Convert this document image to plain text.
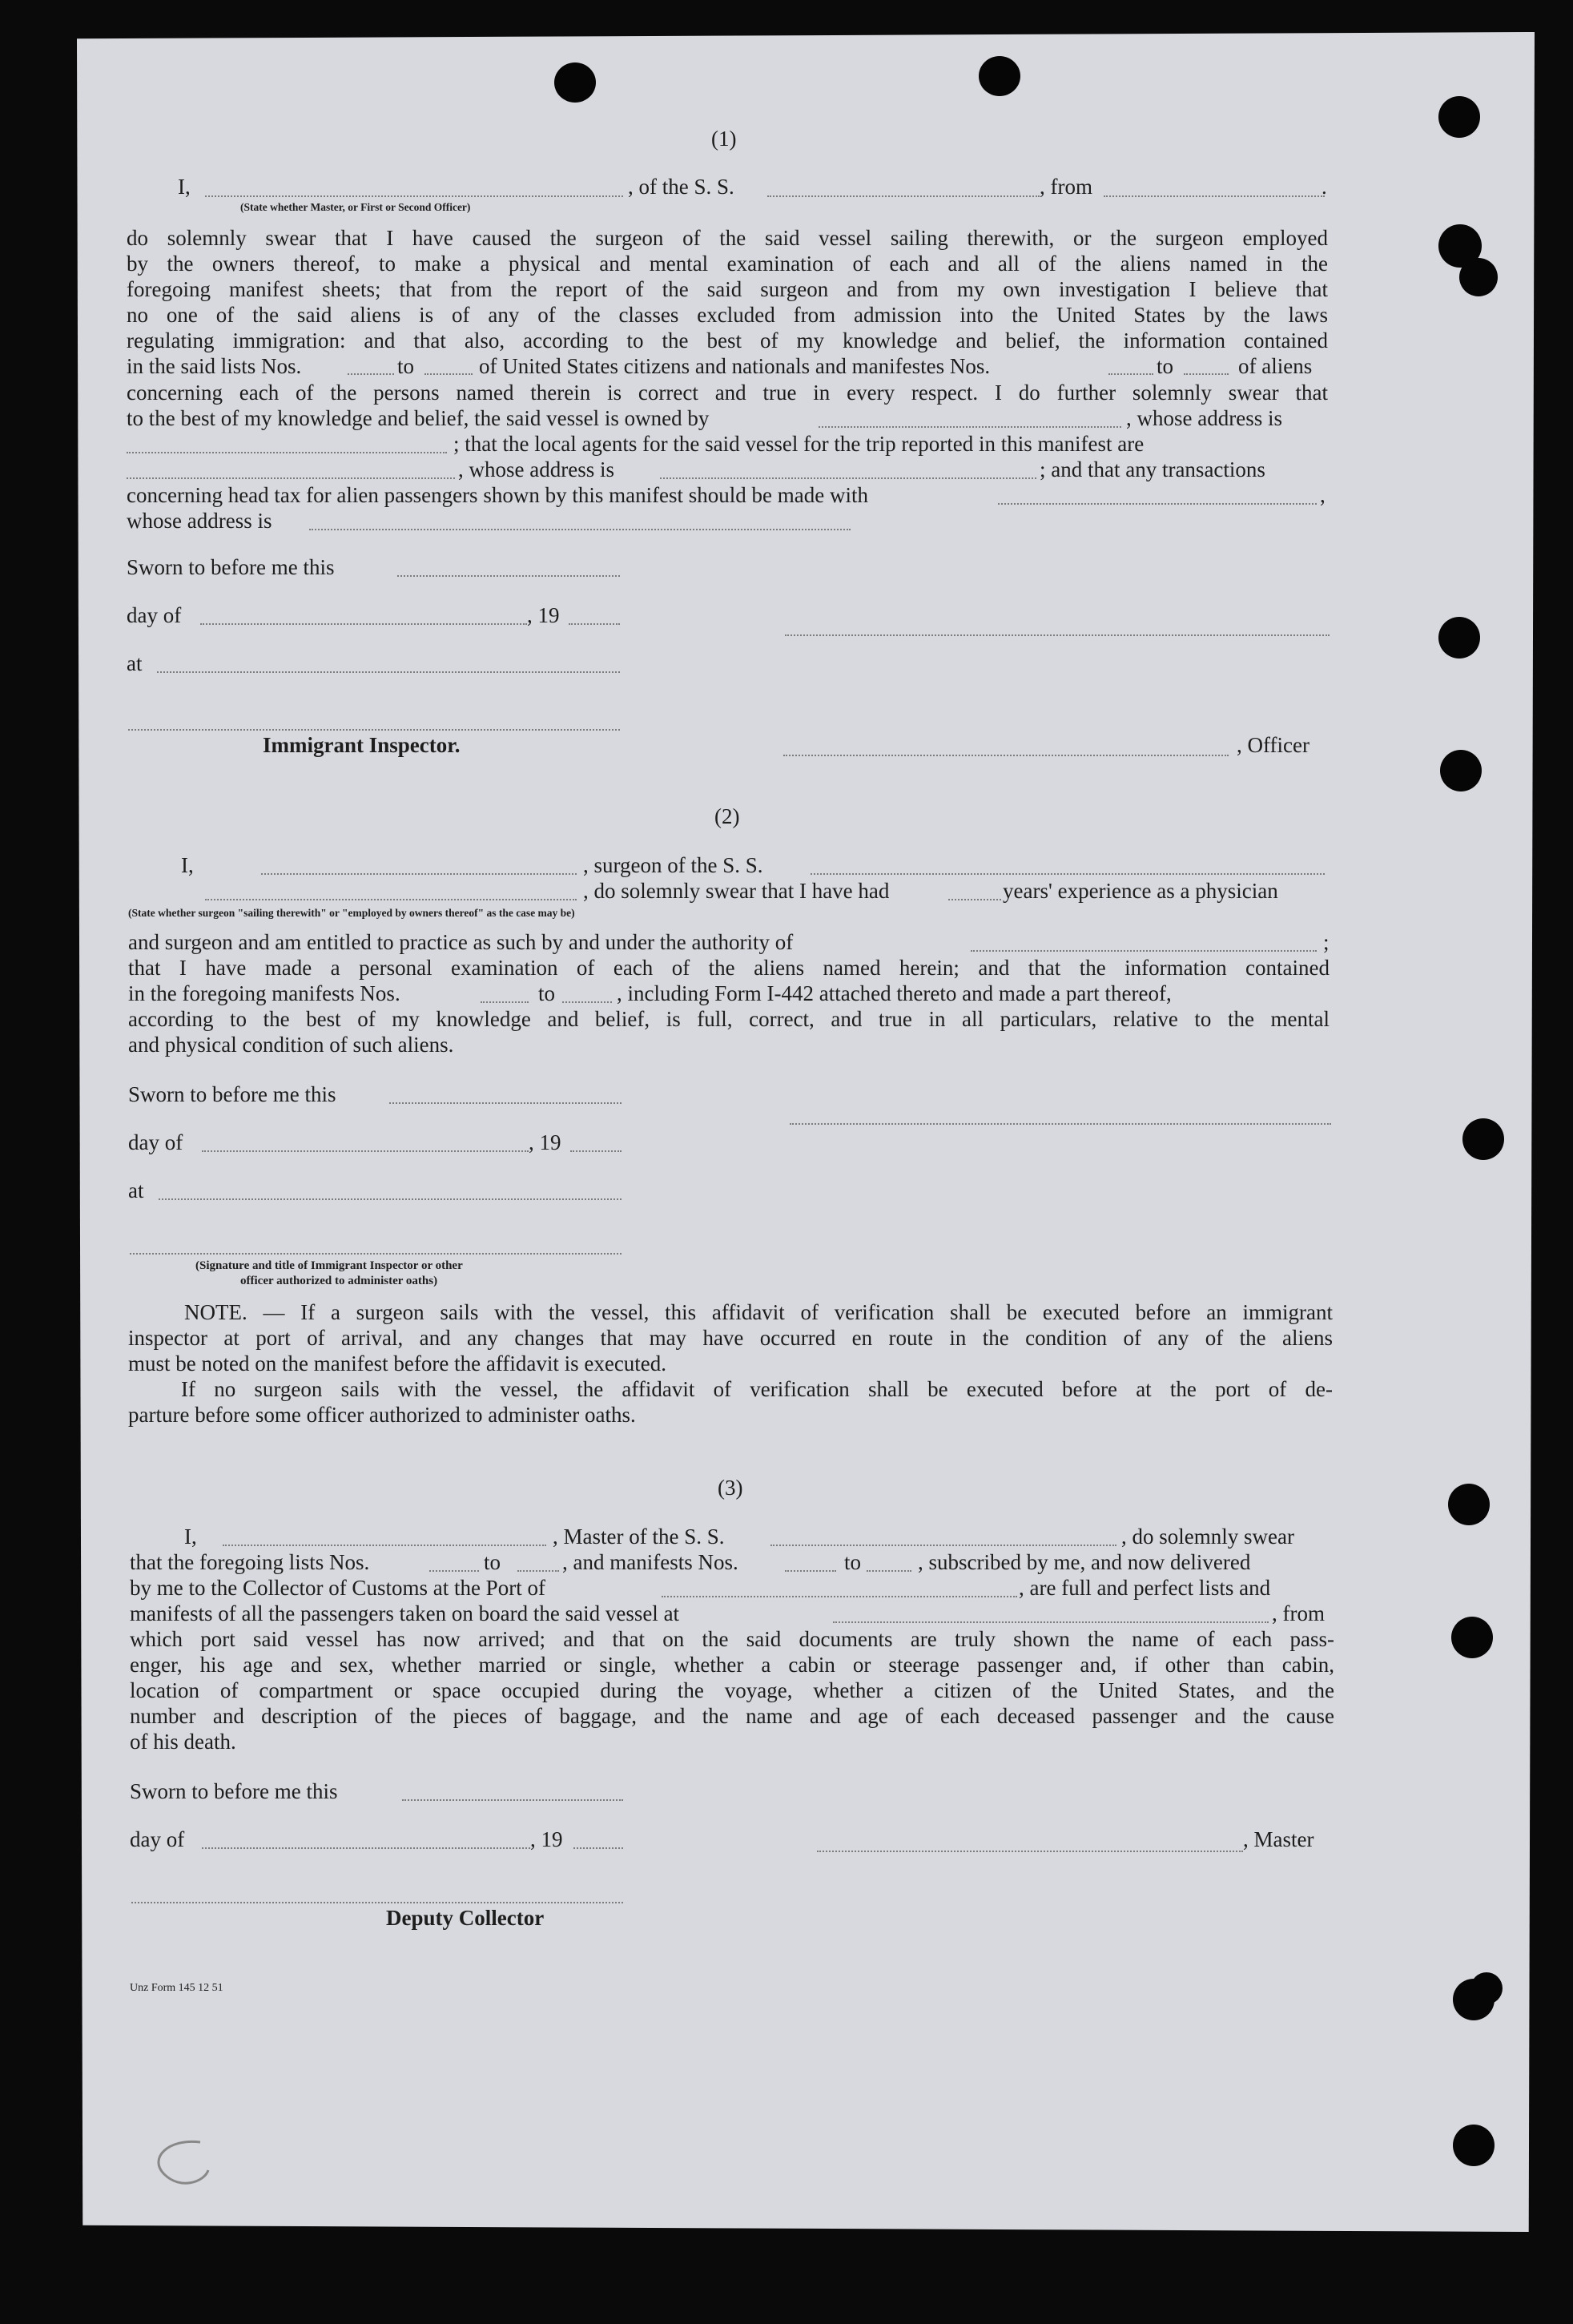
(1)
I,
(State whether Master, or First or Second Officer)
, of the S. S.	, from	.
do solemnly swear that I have caused the surgeon of the said vessel sailing therewith, or the surgeon employed
by the owners thereof, to make a physical and mental examination of each and all of the aliens named in the
foregoing manifest sheets; that from the report of the said surgeon and from my own investigation I believe that
no one of the said aliens is of any of the classes excluded from admission into the United States by the laws
regulating immigration: and that also, according to the best of my knowledge and belief, the information contained
in the said lists Nos.	to	of United States citizens and nationals and manifestes Nos.	to	of aliens
concerning each of the persons named therein is correct and true in every respect. I do further solemnly swear that
to the best of my knowledge and belief, the said vessel is owned by	, whose address is
; that the local agents for the said vessel for the trip reported in this manifest are
, whose address is	; and that any transactions
concerning head tax for alien passengers shown by this manifest should be made with	,
whose address is
Sworn to before me this
day of	, 19
at
Immigrant Inspector.	, Officer
(2)
I,	, surgeon of the S. S.
, do solemnly swear that I have had	years' experience as a physician
(State whether surgeon "sailing therewith" or "employed by owners thereof" as the case may be)
and surgeon and am entitled to practice as such by and under the authority of	;
that I have made a personal examination of each of the aliens named herein; and that the information contained
in the foregoing manifests Nos.	to	, including Form I-442 attached thereto and made a part thereof,
according to the best of my knowledge and belief, is full, correct, and true in all particulars, relative to the mental
and physical condition of such aliens.
Sworn to before me this
day of	, 19
at
(Signature and title of Immigrant Inspector or other
officer authorized to administer oaths)
NOTE. — If a surgeon sails with the vessel, this affidavit of verification shall be executed before an immigrant
inspector at port of arrival, and any changes that may have occurred en route in the condition of any of the aliens
must be noted on the manifest before the affidavit is executed.
If no surgeon sails with the vessel, the affidavit of verification shall be executed before at the port of de-
parture before some officer authorized to administer oaths.
(3)
I,	, Master of the S. S.	, do solemnly swear
that the foregoing lists Nos.	to	, and manifests Nos.	to	, subscribed by me, and now delivered
by me to the Collector of Customs at the Port of	, are full and perfect lists and
manifests of all the passengers taken on board the said vessel at	, from
which port said vessel has now arrived; and that on the said documents are truly shown the name of each pass-
enger, his age and sex, whether married or single, whether a cabin or steerage passenger and, if other than cabin,
location of compartment or space occupied during the voyage, whether a citizen of the United States, and the
number and description of the pieces of baggage, and the name and age of each deceased passenger and the cause
of his death.
Sworn to before me this
day of	, 19	, Master
Deputy Collector
Unz Form 145 12 51
